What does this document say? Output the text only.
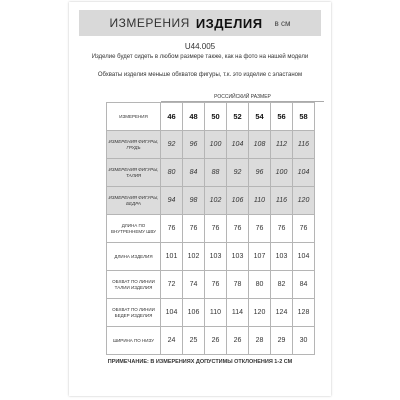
ИЗМЕРЕНИЯ ИЗДЕЛИЯ в см
U44.005
Изделие будет сидеть в любом размере также, как на фото на нашей модели
Обхваты изделия меньше обхватов фигуры, т.к. это изделие с эластаном
РОССИЙСКИЙ РАЗМЕР
ИЗМЕРЕНИЯ	46	48	50	52	54	56	58
ИЗМЕРЕНИЯ ФИГУРЫ, ГРУДЬ	92	96	100	104	108	112	116
ИЗМЕРЕНИЯ ФИГУРЫ, ТАЛИЯ	80	84	88	92	96	100	104
ИЗМЕРЕНИЯ ФИГУРЫ, БЕДРА	94	98	102	106	110	116	120
ДЛИНА ПО ВНУТРЕННЕМУ ШВУ	76	76	76	76	76	76	76
ДЛИНА ИЗДЕЛИЯ	101	102	103	103	107	103	104
ОБХВАТ ПО ЛИНИИ ТАЛИИ ИЗДЕЛИЯ	72	74	76	78	80	82	84
ОБХВАТ ПО ЛИНИИ БЕДЕР ИЗДЕЛИЯ	104	106	110	114	120	124	128
ШИРИНА ПО НИЗУ	24	25	26	26	28	29	30
ПРИМЕЧАНИЕ: В ИЗМЕРЕНИЯХ ДОПУСТИМЫ ОТКЛОНЕНИЯ 1-2 СМ
